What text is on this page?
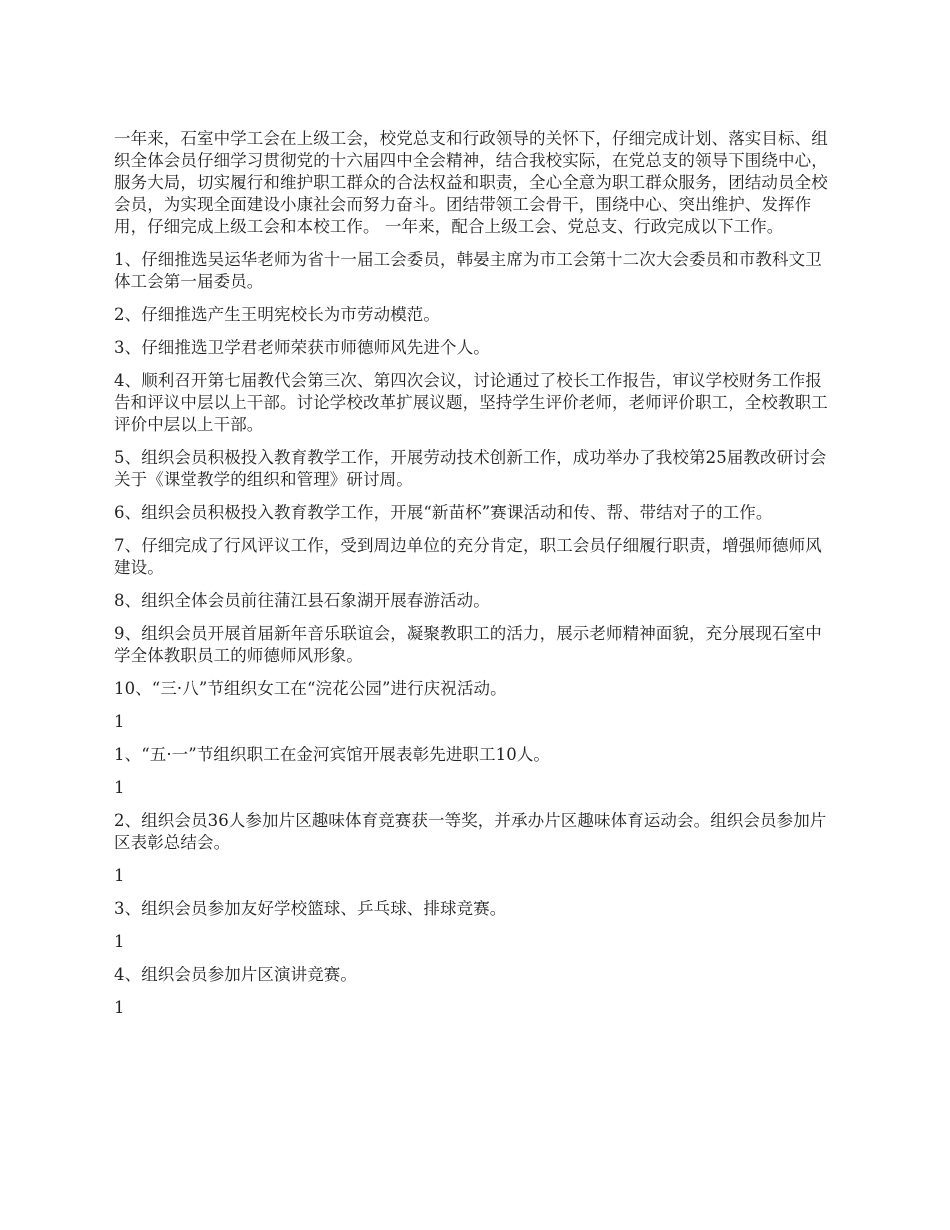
一年来，石室中学工会在上级工会，校党总支和行政领导的关怀下，仔细完成计划、落实目标、组织全体会员仔细学习贯彻党的十六届四中全会精神，结合我校实际，在党总支的领导下围绕中心，服务大局，切实履行和维护职工群众的合法权益和职责，全心全意为职工群众服务，团结动员全校会员，为实现全面建设小康社会而努力奋斗。团结带领工会骨干，围绕中心、突出维护、发挥作用，仔细完成上级工会和本校工作。 一年来，配合上级工会、党总支、行政完成以下工作。

1、仔细推选吴运华老师为省十一届工会委员，韩晏主席为市工会第十二次大会委员和市教科文卫体工会第一届委员。

2、仔细推选产生王明宪校长为市劳动模范。

3、仔细推选卫学君老师荣获市师德师风先进个人。

4、顺利召开第七届教代会第三次、第四次会议，讨论通过了校长工作报告，审议学校财务工作报告和评议中层以上干部。讨论学校改革扩展议题，坚持学生评价老师，老师评价职工，全校教职工评价中层以上干部。

5、组织会员积极投入教育教学工作，开展劳动技术创新工作，成功举办了我校第25届教改研讨会关于《课堂教学的组织和管理》研讨周。

6、组织会员积极投入教育教学工作，开展“新苗杯”赛课活动和传、帮、带结对子的工作。

7、仔细完成了行风评议工作，受到周边单位的充分肯定，职工会员仔细履行职责，增强师德师风建设。

8、组织全体会员前往蒲江县石象湖开展春游活动。

9、组织会员开展首届新年音乐联谊会，凝聚教职工的活力，展示老师精神面貌，充分展现石室中学全体教职员工的师德师风形象。

10、“三·八”节组织女工在“浣花公园”进行庆祝活动。

1

1、“五·一”节组织职工在金河宾馆开展表彰先进职工10人。

1

2、组织会员36人参加片区趣味体育竞赛获一等奖，并承办片区趣味体育运动会。组织会员参加片区表彰总结会。

1

3、组织会员参加友好学校篮球、乒乓球、排球竞赛。

1

4、组织会员参加片区演讲竞赛。

1
